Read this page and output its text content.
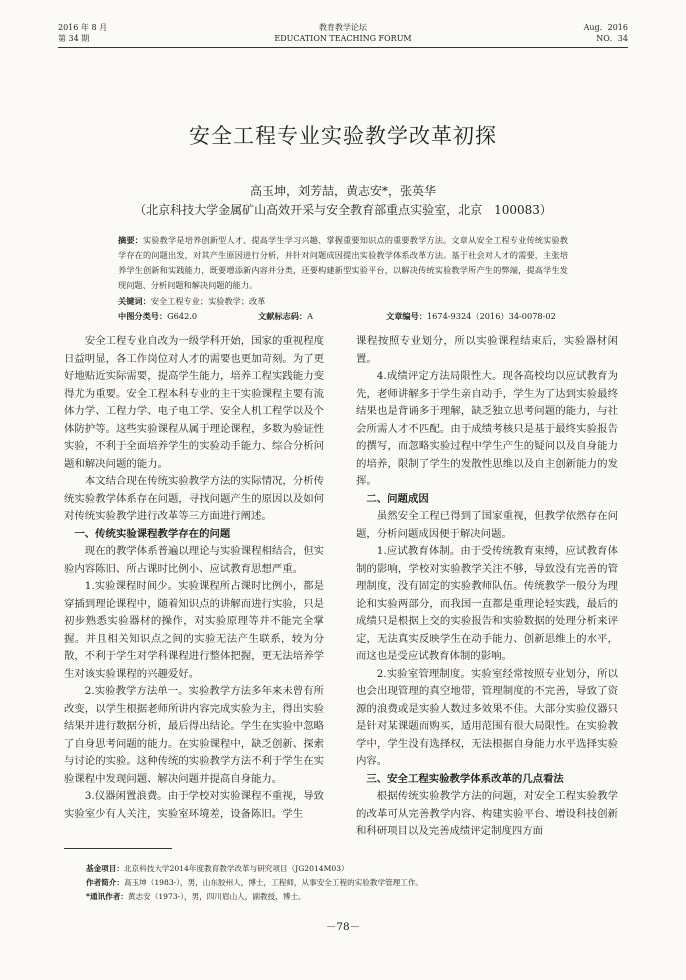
2016 年 8 月
第 34 期
教育教学论坛
EDUCATION TEACHING FORUM
Aug．2016
NO．34
安全工程专业实验教学改革初探
高玉坤，刘芳喆，黄志安*，张英华
（北京科技大学金属矿山高效开采与安全教育部重点实验室，北京　100083）
摘要：实验教学是培养创新型人才、提高学生学习兴趣、掌握重要知识点的重要教学方法。文章从安全工程专业传统实验教学存在的问题出发，对其产生原因进行分析，并针对问题成因提出实验教学体系改革方法。基于社会对人才的需要，主张培养学生创新和实践能力，既要增添新内容并分类，还要构建新型实验平台，以解决传统实验教学所产生的弊端，提高学生发现问题、分析问题和解决问题的能力。
关键词：安全工程专业；实验教学；改革
中图分类号：G642.0	文献标志码：A	文章编号：1674-9324（2016）34-0078-02

安全工程专业自改为一级学科开始，国家的重视程度日益明显，各工作岗位对人才的需要也更加苛刻。为了更好地贴近实际需要，提高学生能力，培养工程实践能力变得尤为重要。安全工程本科专业的主干实验课程主要有流体力学、工程力学、电子电工学、安全人机工程学以及个体防护等。这些实验课程从属于理论课程，多数为验证性实验，不利于全面培养学生的实验动手能力、综合分析问题和解决问题的能力。

本文结合现在传统实验教学方法的实际情况，分析传统实验教学体系存在问题，寻找问题产生的原因以及如何对传统实验教学进行改革等三方面进行阐述。

一、传统实验课程教学存在的问题

现在的教学体系普遍以理论与实验课程相结合，但实验内容陈旧、所占课时比例小、应试教育思想严重。

1.实验课程时间少。实验课程所占课时比例小，都是穿插到理论课程中，随着知识点的讲解而进行实验，只是初步熟悉实验器材的操作，对实验原理等并不能完全掌握。并且相关知识点之间的实验无法产生联系，较为分散，不利于学生对学科课程进行整体把握，更无法培养学生对该实验课程的兴趣爱好。

2.实验教学方法单一。实验教学方法多年来未曾有所改变，以学生根据老师所讲内容完成实验为主，得出实验结果并进行数据分析，最后得出结论。学生在实验中忽略了自身思考问题的能力。在实验课程中，缺乏创新、探索与讨论的实验。这种传统的实验教学方法不利于学生在实验课程中发现问题、解决问题并提高自身能力。

3.仪器闲置浪费。由于学校对实验课程不重视，导致实验室少有人关注，实验室环境差，设备陈旧。学生

课程按照专业划分，所以实验课程结束后，实验器材闲置。

4.成绩评定方法局限性大。现各高校均以应试教育为先，老师讲解多于学生亲自动手，学生为了达到实验最终结果也是背诵多于理解，缺乏独立思考问题的能力，与社会所需人才不匹配。由于成绩考核只是基于最终实验报告的撰写，而忽略实验过程中学生产生的疑问以及自身能力的培养，限制了学生的发散性思维以及自主创新能力的发挥。

二、问题成因

虽然安全工程已得到了国家重视，但教学依然存在问题，分析问题成因便于解决问题。

1.应试教育体制。由于受传统教育束缚，应试教育体制的影响，学校对实验教学关注不够，导致没有完善的管理制度，没有固定的实验教师队伍。传统教学一般分为理论和实验两部分，而我国一直都是重理论轻实践，最后的成绩只是根据上交的实验报告和实验数据的处理分析来评定，无法真实反映学生在动手能力、创新思维上的水平，而这也是受应试教育体制的影响。

2.实验室管理制度。实验室经常按照专业划分，所以也会出现管理的真空地带，管理制度的不完善，导致了资源的浪费或是实验人数过多效果不佳。大部分实验仪器只是针对某课题而购买，适用范围有很大局限性。在实验教学中，学生没有选择权，无法根据自身能力水平选择实验内容。

三、安全工程实验教学体系改革的几点看法

根据传统实验教学方法的问题，对安全工程实验教学的改革可从完善教学内容、构建实验平台、增设科技创新和科研项目以及完善成绩评定制度四方面

基金项目：北京科技大学2014年度教育教学改革与研究项目（JG2014M03）
作者简介：高玉坤（1983-），男，山东胶州人，博士，工程师，从事安全工程的实验教学管理工作。
*通讯作者：黄志安（1973-），男，四川眉山人，副教授，博士。
－78－
